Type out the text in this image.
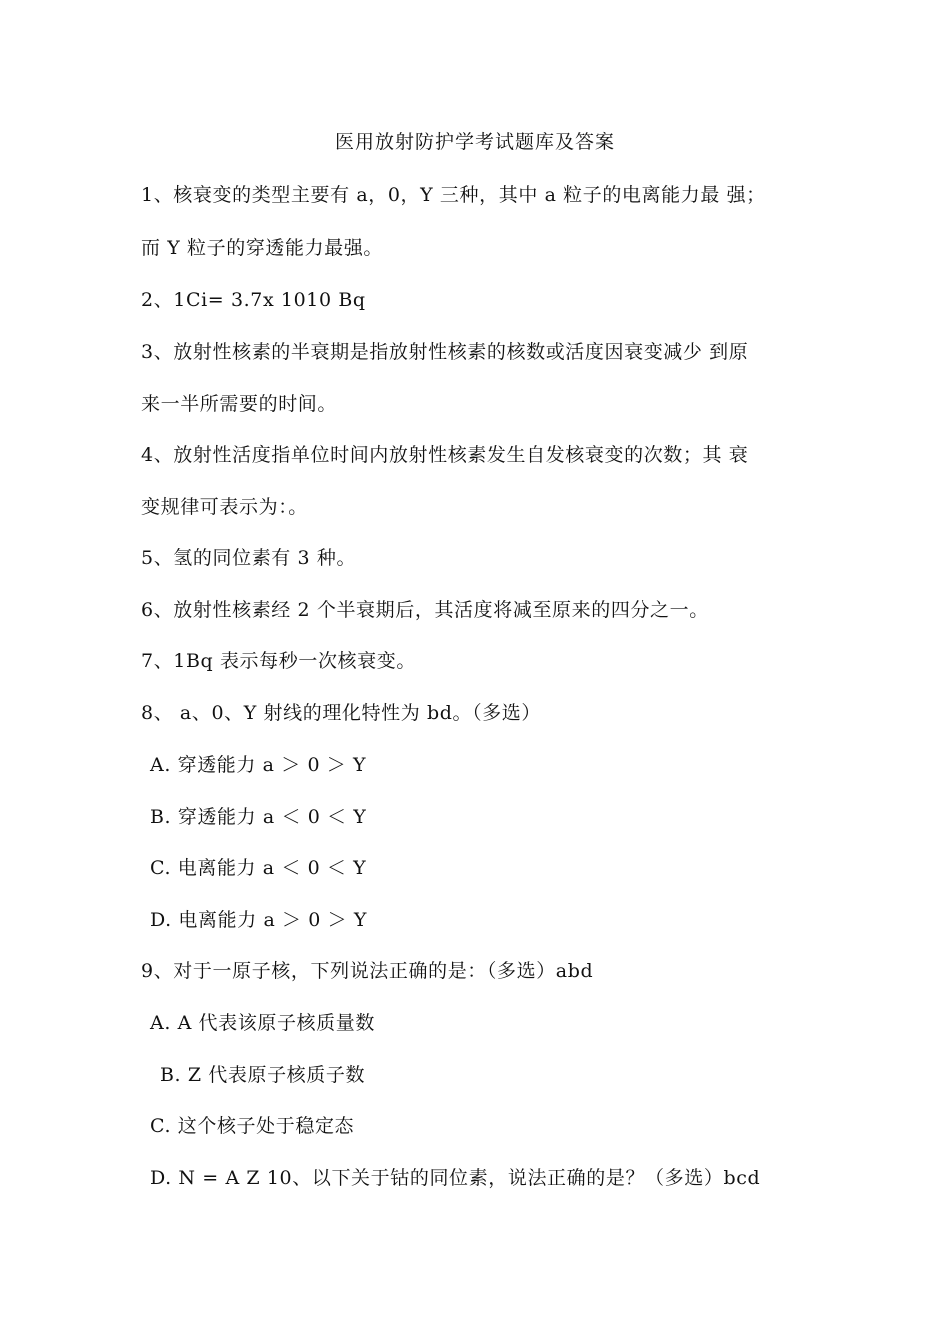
医用放射防护学考试题库及答案
1、核衰变的类型主要有 a，0，Y 三种，其中 a 粒子的电离能力最 强；
而 Y 粒子的穿透能力最强。
2、1Ci= 3.7x 1010 Bq
3、放射性核素的半衰期是指放射性核素的核数或活度因衰变减少 到原
来一半所需要的时间。
4、放射性活度指单位时间内放射性核素发生自发核衰变的次数；其 衰
变规律可表示为：。
5、氢的同位素有 3 种。
6、放射性核素经 2 个半衰期后，其活度将减至原来的四分之一。
7、1Bq 表示每秒一次核衰变。
8、 a、0、Y 射线的理化特性为 bd。（多选）
A. 穿透能力 a ＞ 0 ＞ Y
B. 穿透能力 a ＜ 0 ＜ Y
C. 电离能力 a ＜ 0 ＜ Y
D. 电离能力 a ＞ 0 ＞ Y
9、对于一原子核，下列说法正确的是：（多选）abd
A. A 代表该原子核质量数
B. Z 代表原子核质子数
C. 这个核子处于稳定态
D. N = A Z 10、以下关于钴的同位素，说法正确的是？（多选）bcd
